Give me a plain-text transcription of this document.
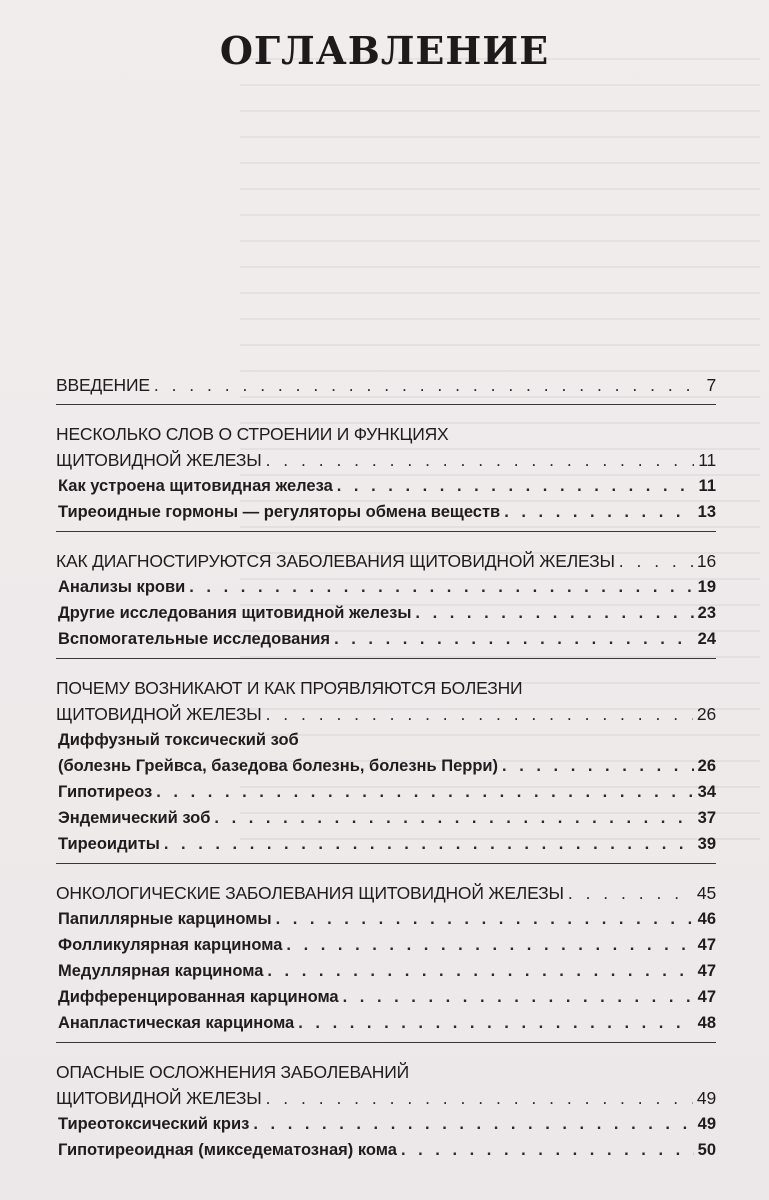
ОГЛАВЛЕНИЕ
ВВЕДЕНИЕ . . .	7
НЕСКОЛЬКО СЛОВ О СТРОЕНИИ И ФУНКЦИЯХ
ЩИТОВИДНОЙ ЖЕЛЕЗЫ . . .	11
Как устроена щитовидная железа . . .	11
Тиреоидные гормоны — регуляторы обмена веществ . . .	13
КАК ДИАГНОСТИРУЮТСЯ ЗАБОЛЕВАНИЯ ЩИТОВИДНОЙ ЖЕЛЕЗЫ . . .	16
Анализы крови . . .	19
Другие исследования щитовидной железы . . .	23
Вспомогательные исследования . . .	24
ПОЧЕМУ ВОЗНИКАЮТ И КАК ПРОЯВЛЯЮТСЯ БОЛЕЗНИ
ЩИТОВИДНОЙ ЖЕЛЕЗЫ . . .	26
Диффузный токсический зоб
(болезнь Грейвса, базедова болезнь, болезнь Перри) . . .	26
Гипотиреоз . . .	34
Эндемический зоб . . .	37
Тиреоидиты . . .	39
ОНКОЛОГИЧЕСКИЕ ЗАБОЛЕВАНИЯ ЩИТОВИДНОЙ ЖЕЛЕЗЫ . . .	45
Папиллярные карциномы . . .	46
Фолликулярная карцинома . . .	47
Медуллярная карцинома . . .	47
Дифференцированная карцинома . . .	47
Анапластическая карцинома . . .	48
ОПАСНЫЕ ОСЛОЖНЕНИЯ ЗАБОЛЕВАНИЙ
ЩИТОВИДНОЙ ЖЕЛЕЗЫ . . .	49
Тиреотоксический криз . . .	49
Гипотиреоидная (микседематозная) кома . . .	50
